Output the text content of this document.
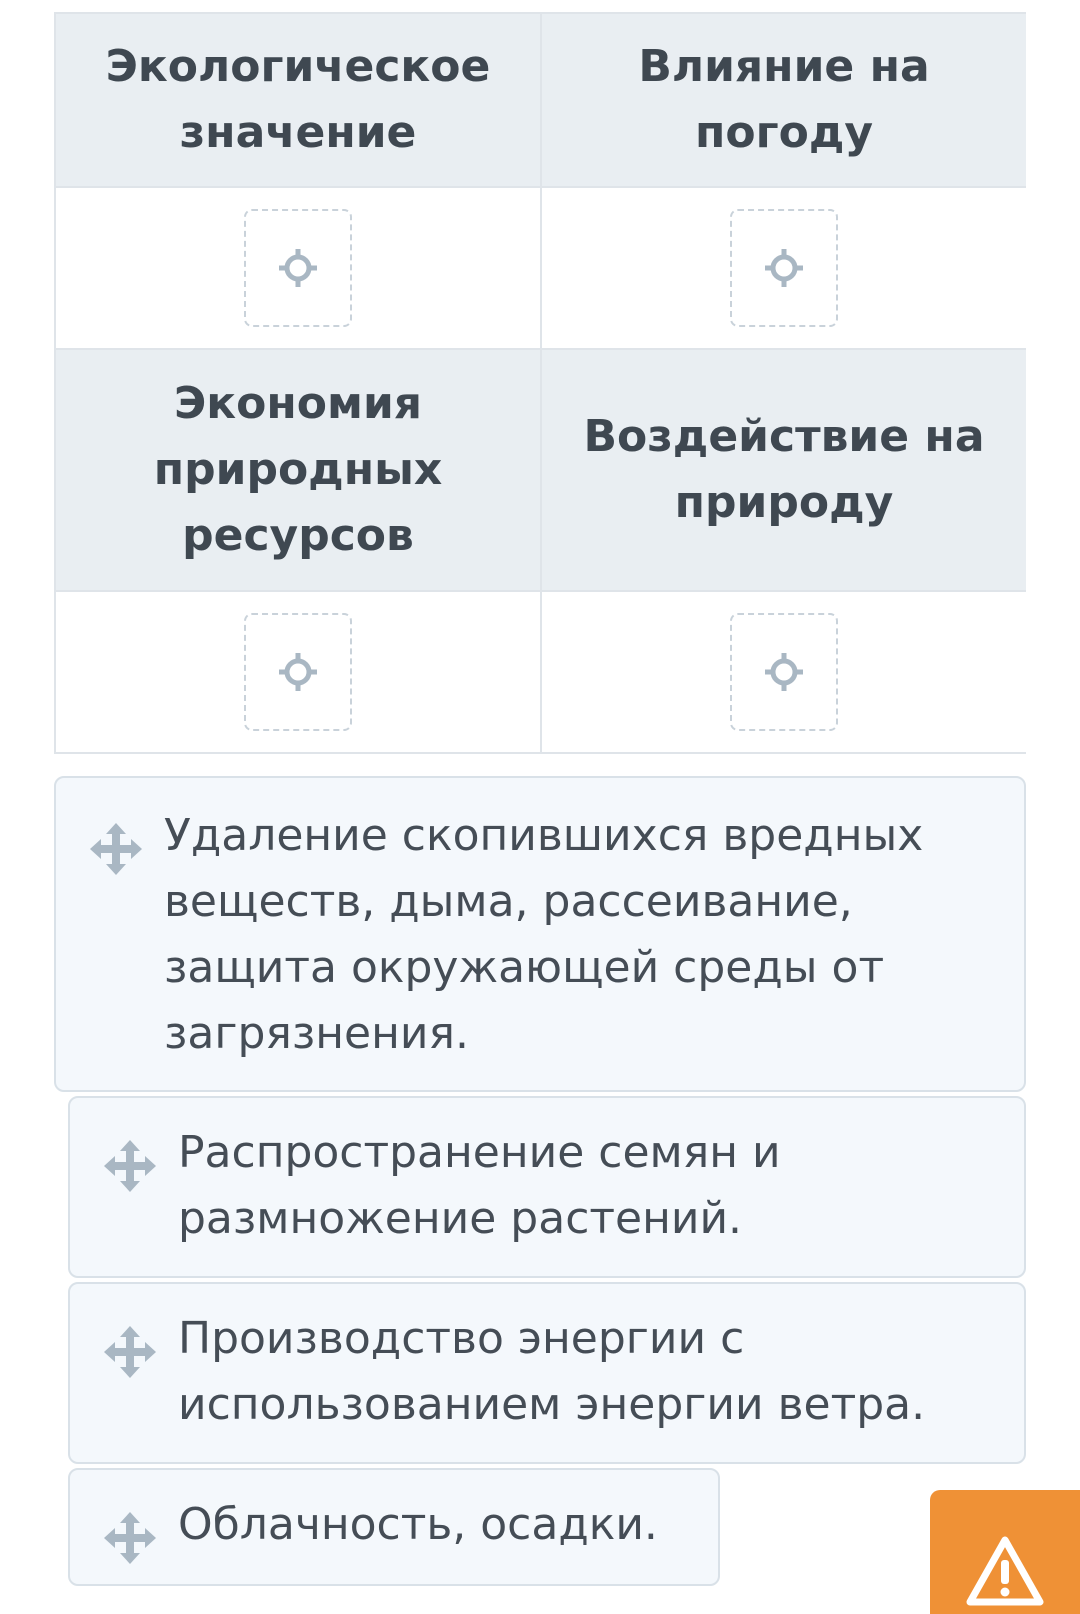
Экологическое значение
Влияние на погоду
Экономия природных ресурсов
Воздействие на природу
Удаление скопившихся вредных веществ, дыма, рассеивание, защита окружающей среды от загрязнения.
Распространение семян и размножение растений.
Производство энергии с использованием энергии ветра.
Облачность, осадки.
